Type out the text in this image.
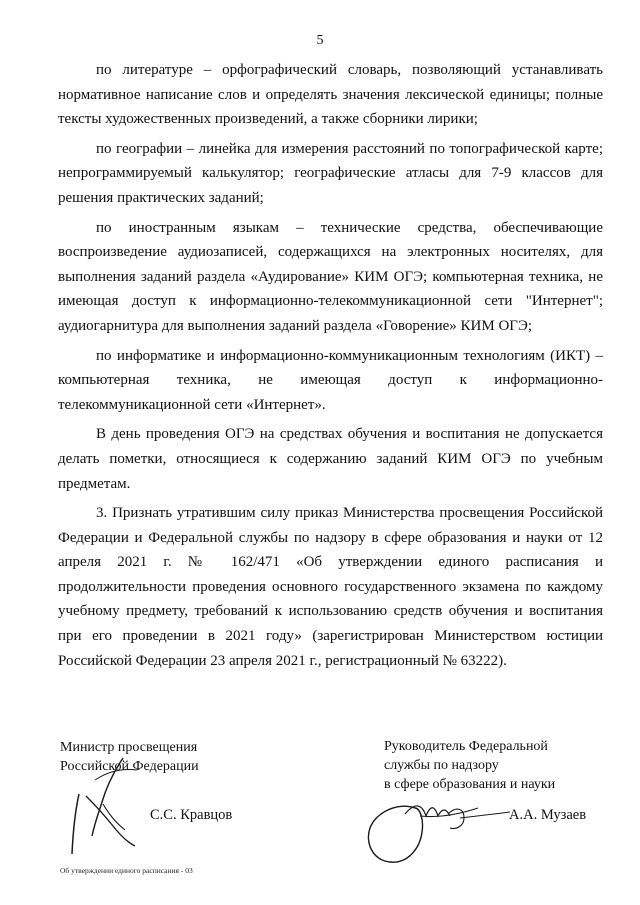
5

по литературе – орфографический словарь, позволяющий устанавливать нормативное написание слов и определять значения лексической единицы; полные тексты художественных произведений, а также сборники лирики;

по географии – линейка для измерения расстояний по топографической карте; непрограммируемый калькулятор; географические атласы для 7-9 классов для решения практических заданий;

по иностранным языкам – технические средства, обеспечивающие воспроизведение аудиозаписей, содержащихся на электронных носителях, для выполнения заданий раздела «Аудирование» КИМ ОГЭ; компьютерная техника, не имеющая доступ к информационно-телекоммуникационной сети "Интернет"; аудиогарнитура для выполнения заданий раздела «Говорение» КИМ ОГЭ;

по информатике и информационно-коммуникационным технологиям (ИКТ) – компьютерная техника, не имеющая доступ к информационно-телекоммуникационной сети «Интернет».

В день проведения ОГЭ на средствах обучения и воспитания не допускается делать пометки, относящиеся к содержанию заданий КИМ ОГЭ по учебным предметам.

3. Признать утратившим силу приказ Министерства просвещения Российской Федерации и Федеральной службы по надзору в сфере образования и науки от 12 апреля 2021 г. № 162/471 «Об утверждении единого расписания и продолжительности проведения основного государственного экзамена по каждому учебному предмету, требований к использованию средств обучения и воспитания при его проведении в 2021 году» (зарегистрирован Министерством юстиции Российской Федерации 23 апреля 2021 г., регистрационный № 63222).

Министр просвещения
Российской Федерации
С.С. Кравцов
Руководитель Федеральной
службы по надзору
в сфере образования и науки
А.А. Музаев
Об утверждении единого расписания - 03
